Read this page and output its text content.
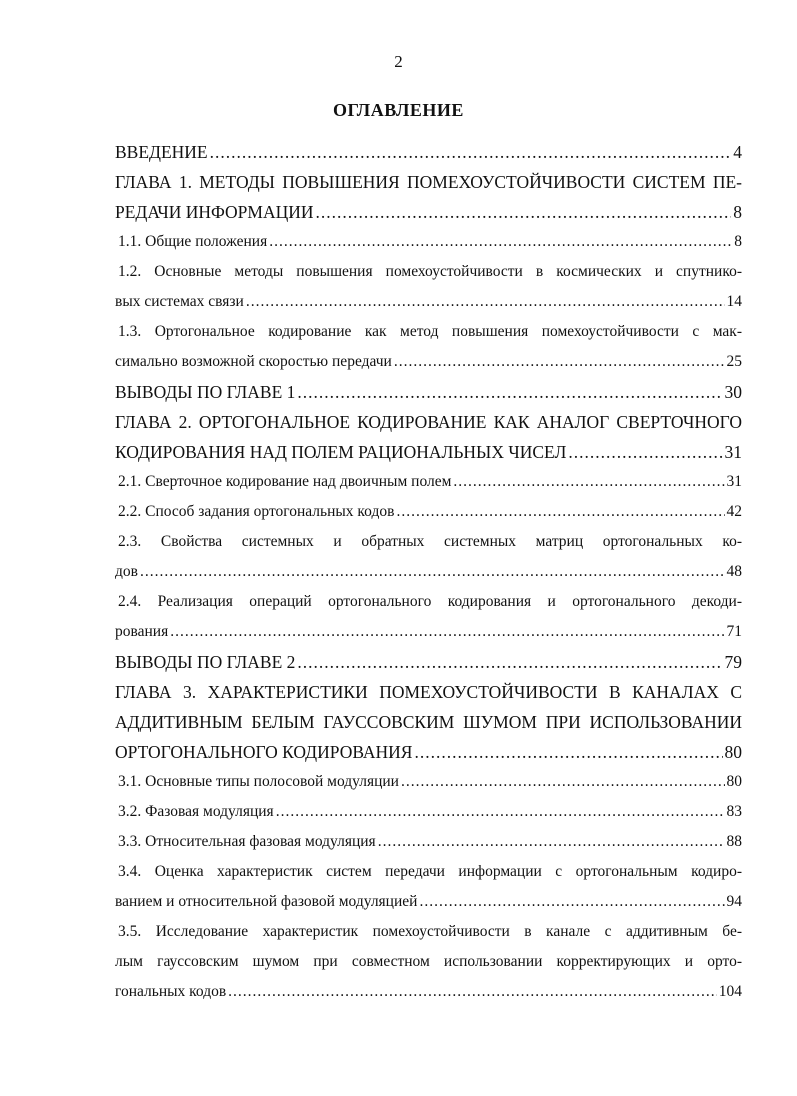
2
ОГЛАВЛЕНИЕ
ВВЕДЕНИЕ .....	4
ГЛАВА 1. МЕТОДЫ ПОВЫШЕНИЯ ПОМЕХОУСТОЙЧИВОСТИ СИСТЕМ ПЕ-
РЕДАЧИ ИНФОРМАЦИИ .....	8
1.1. Общие положения .....	8
1.2. Основные методы повышения помехоустойчивости в космических и спутнико-
вых системах связи .....	14
1.3. Ортогональное кодирование как метод повышения помехоустойчивости с мак-
симально возможной скоростью передачи .....	25
ВЫВОДЫ ПО ГЛАВЕ 1 .....	30
ГЛАВА 2. ОРТОГОНАЛЬНОЕ КОДИРОВАНИЕ КАК АНАЛОГ СВЕРТОЧНОГО
КОДИРОВАНИЯ НАД ПОЛЕМ РАЦИОНАЛЬНЫХ ЧИСЕЛ .....	31
2.1. Сверточное кодирование над двоичным полем .....	31
2.2. Способ задания ортогональных кодов .....	42
2.3. Свойства системных и обратных системных матриц ортогональных ко-
дов .....	48
2.4. Реализация операций ортогонального кодирования и ортогонального декоди-
рования .....	71
ВЫВОДЫ ПО ГЛАВЕ 2 .....	79
ГЛАВА 3. ХАРАКТЕРИСТИКИ ПОМЕХОУСТОЙЧИВОСТИ В КАНАЛАХ С
АДДИТИВНЫМ БЕЛЫМ ГАУССОВСКИМ ШУМОМ ПРИ ИСПОЛЬЗОВАНИИ
ОРТОГОНАЛЬНОГО КОДИРОВАНИЯ .....	80
3.1. Основные типы полосовой модуляции .....	80
3.2. Фазовая модуляция .....	83
3.3. Относительная фазовая модуляция .....	88
3.4. Оценка характеристик систем передачи информации с ортогональным кодиро-
ванием и относительной фазовой модуляцией .....	94
3.5. Исследование характеристик помехоустойчивости в канале с аддитивным бе-
лым гауссовским шумом при совместном использовании корректирующих и орто-
гональных кодов .....	104
